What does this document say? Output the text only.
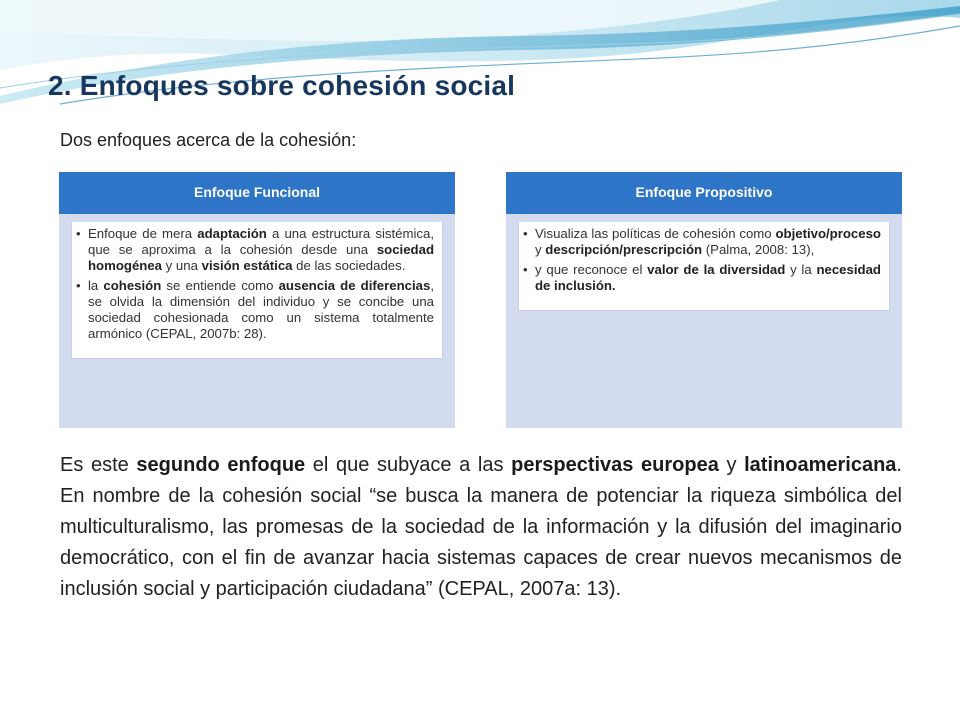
2. Enfoques sobre cohesión social

Dos enfoques acerca de la cohesión:

Enfoque Funcional
• Enfoque de mera adaptación a una estructura sistémica, que se aproxima a la cohesión desde una sociedad homogénea y una visión estática de las sociedades.
• la cohesión se entiende como ausencia de diferencias, se olvida la dimensión del individuo y se concibe una sociedad cohesionada como un sistema totalmente armónico (CEPAL, 2007b: 28).
Enfoque Propositivo
• Visualiza las políticas de cohesión como objetivo/proceso y descripción/prescripción (Palma, 2008: 13),
• y que reconoce el valor de la diversidad y la necesidad de inclusión.

Es este segundo enfoque el que subyace a las perspectivas europea y latinoamericana. En nombre de la cohesión social “se busca la manera de potenciar la riqueza simbólica del multiculturalismo, las promesas de la sociedad de la información y la difusión del imaginario democrático, con el fin de avanzar hacia sistemas capaces de crear nuevos mecanismos de inclusión social y participación ciudadana” (CEPAL, 2007a: 13).
